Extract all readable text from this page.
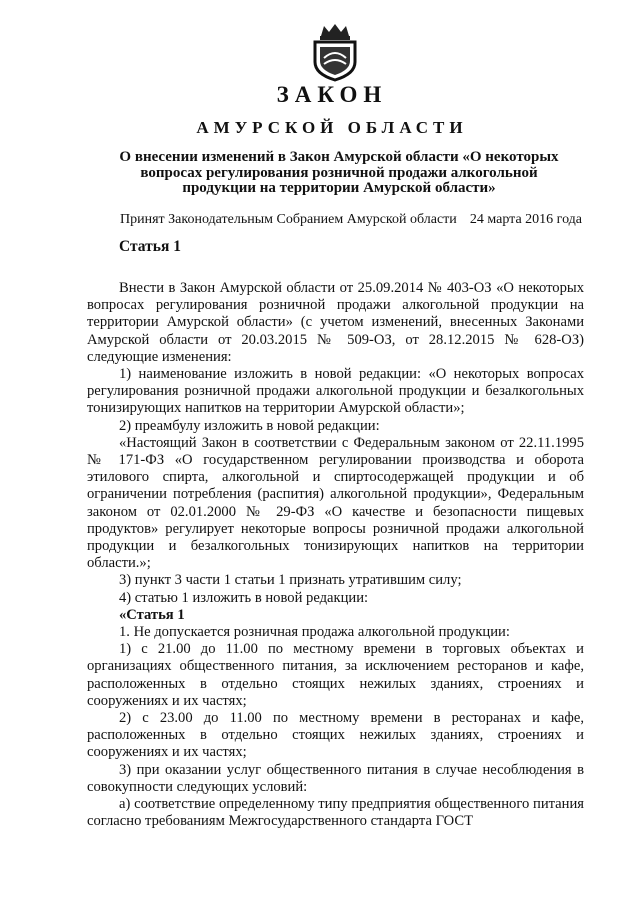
ЗАКОН
АМУРСКОЙ ОБЛАСТИ
О внесении изменений в Закон Амурской области «О некоторых вопросах регулирования розничной продажи алкогольной продукции на территории Амурской области»
Принят Законодательным Собранием Амурской области 24 марта 2016 года
Статья 1

Внести в Закон Амурской области от 25.09.2014 № 403-ОЗ «О некоторых вопросах регулирования розничной продажи алкогольной продукции на территории Амурской области» (с учетом изменений, внесенных Законами Амурской области от 20.03.2015 № 509-ОЗ, от 28.12.2015 № 628-ОЗ) следующие изменения:

1) наименование изложить в новой редакции: «О некоторых вопросах регулирования розничной продажи алкогольной продукции и безалкогольных тонизирующих напитков на территории Амурской области»;

2) преамбулу изложить в новой редакции:

«Настоящий Закон в соответствии с Федеральным законом от 22.11.1995 № 171-ФЗ «О государственном регулировании производства и оборота этилового спирта, алкогольной и спиртосодержащей продукции и об ограничении потребления (распития) алкогольной продукции», Федеральным законом от 02.01.2000 № 29-ФЗ «О качестве и безопасности пищевых продуктов» регулирует некоторые вопросы розничной продажи алкогольной продукции и безалкогольных тонизирующих напитков на территории области.»;

3) пункт 3 части 1 статьи 1 признать утратившим силу;

4) статью 1 изложить в новой редакции:

«Статья 1

1. Не допускается розничная продажа алкогольной продукции:

1) с 21.00 до 11.00 по местному времени в торговых объектах и организациях общественного питания, за исключением ресторанов и кафе, расположенных в отдельно стоящих нежилых зданиях, строениях и сооружениях и их частях;

2) с 23.00 до 11.00 по местному времени в ресторанах и кафе, расположенных в отдельно стоящих нежилых зданиях, строениях и сооружениях и их частях;

3) при оказании услуг общественного питания в случае несоблюдения в совокупности следующих условий:

а) соответствие определенному типу предприятия общественного питания согласно требованиям Межгосударственного стандарта ГОСТ
